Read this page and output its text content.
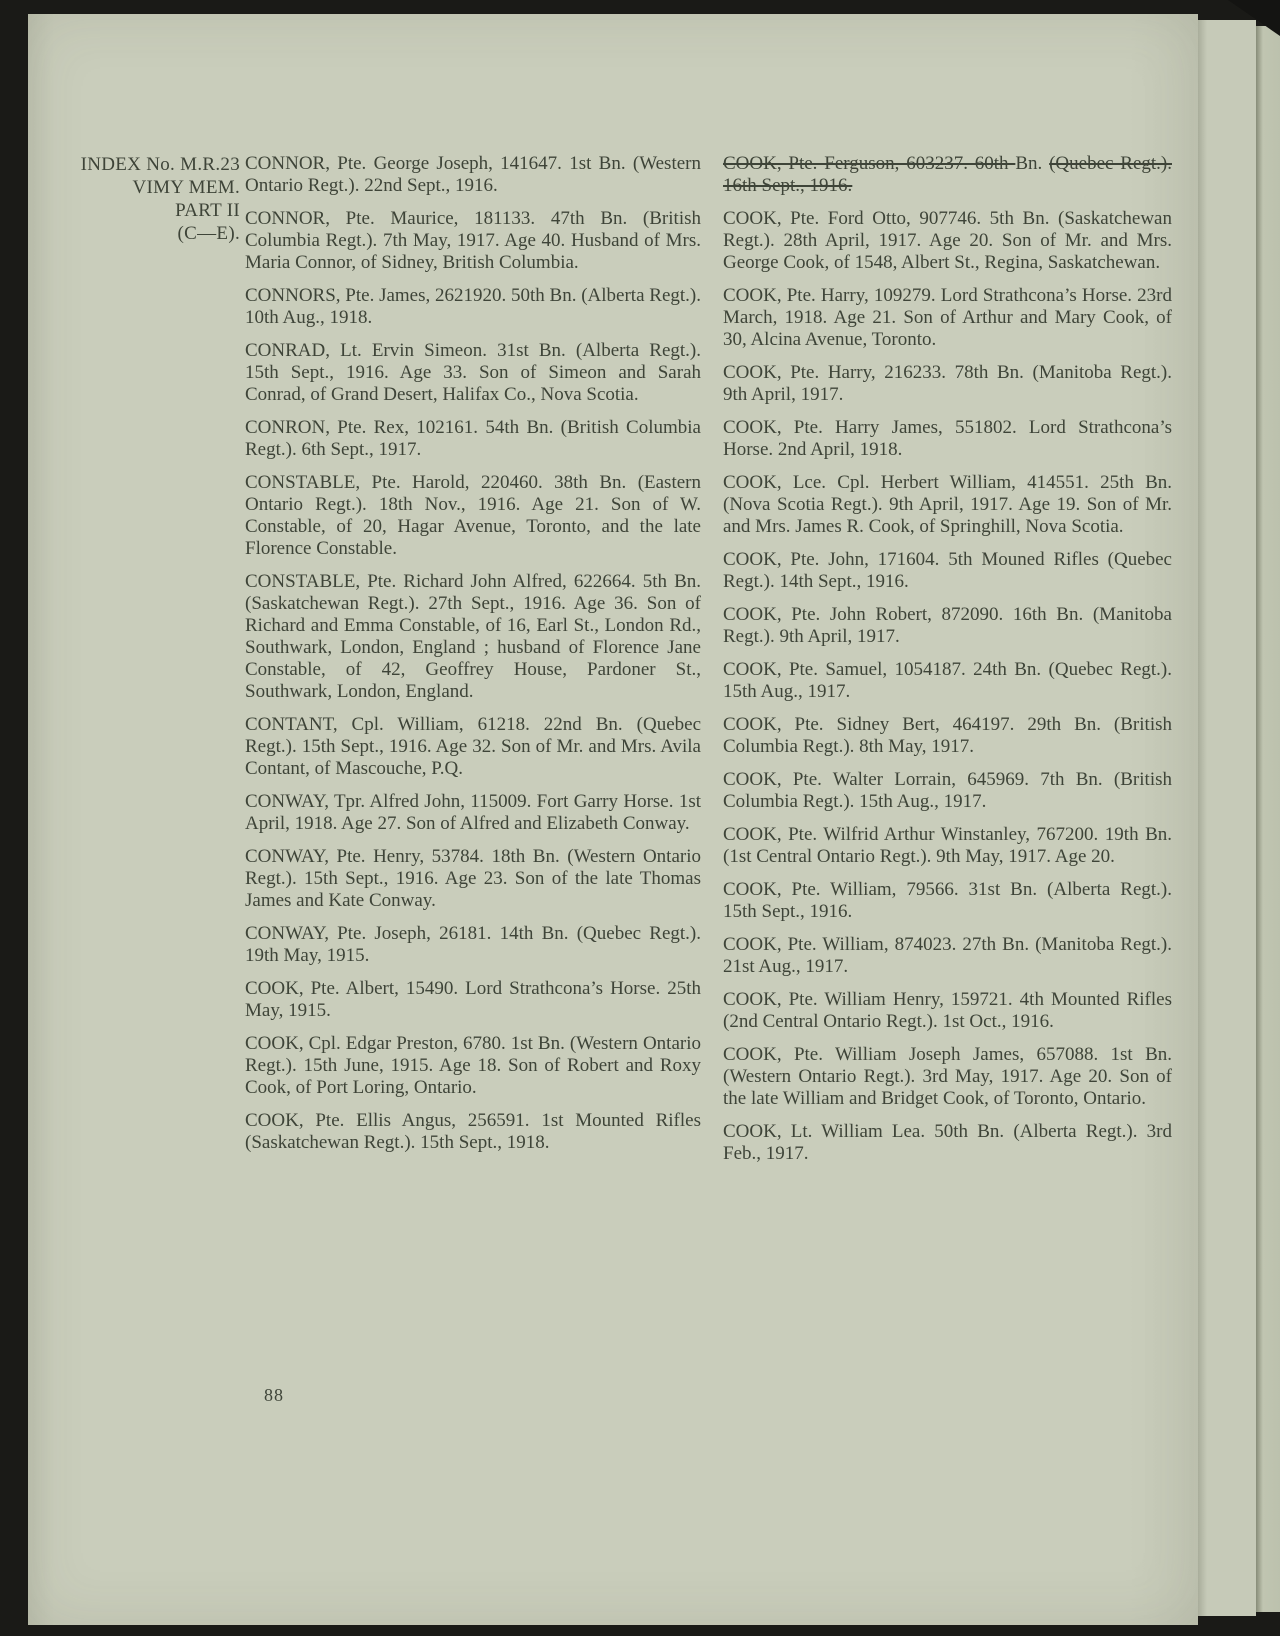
INDEX No. M.R.23
VIMY MEM.
PART II
(C—E).

CONNOR, Pte. George Joseph, 141647. 1st Bn. (Western Ontario Regt.). 22nd Sept., 1916.

CONNOR, Pte. Maurice, 181133. 47th Bn. (British Columbia Regt.). 7th May, 1917. Age 40. Husband of Mrs. Maria Connor, of Sidney, British Columbia.

CONNORS, Pte. James, 2621920. 50th Bn. (Alberta Regt.). 10th Aug., 1918.

CONRAD, Lt. Ervin Simeon. 31st Bn. (Alberta Regt.). 15th Sept., 1916. Age 33. Son of Simeon and Sarah Conrad, of Grand Desert, Halifax Co., Nova Scotia.

CONRON, Pte. Rex, 102161. 54th Bn. (British Columbia Regt.). 6th Sept., 1917.

CONSTABLE, Pte. Harold, 220460. 38th Bn. (Eastern Ontario Regt.). 18th Nov., 1916. Age 21. Son of W. Constable, of 20, Hagar Avenue, Toronto, and the late Florence Constable.

CONSTABLE, Pte. Richard John Alfred, 622664. 5th Bn. (Saskatchewan Regt.). 27th Sept., 1916. Age 36. Son of Richard and Emma Constable, of 16, Earl St., London Rd., Southwark, London, England ; husband of Florence Jane Constable, of 42, Geoffrey House, Pardoner St., Southwark, London, England.

CONTANT, Cpl. William, 61218. 22nd Bn. (Quebec Regt.). 15th Sept., 1916. Age 32. Son of Mr. and Mrs. Avila Contant, of Mascouche, P.Q.

CONWAY, Tpr. Alfred John, 115009. Fort Garry Horse. 1st April, 1918. Age 27. Son of Alfred and Elizabeth Conway.

CONWAY, Pte. Henry, 53784. 18th Bn. (Western Ontario Regt.). 15th Sept., 1916. Age 23. Son of the late Thomas James and Kate Conway.

CONWAY, Pte. Joseph, 26181. 14th Bn. (Quebec Regt.). 19th May, 1915.

COOK, Pte. Albert, 15490. Lord Strathcona’s Horse. 25th May, 1915.

COOK, Cpl. Edgar Preston, 6780. 1st Bn. (Western Ontario Regt.). 15th June, 1915. Age 18. Son of Robert and Roxy Cook, of Port Loring, Ontario.

COOK, Pte. Ellis Angus, 256591. 1st Mounted Rifles (Saskatchewan Regt.). 15th Sept., 1918.

COOK, Pte. Ferguson, 603237. 60th Bn. (Quebec Regt.). 16th Sept., 1916.

COOK, Pte. Ford Otto, 907746. 5th Bn. (Saskatchewan Regt.). 28th April, 1917. Age 20. Son of Mr. and Mrs. George Cook, of 1548, Albert St., Regina, Saskatchewan.

COOK, Pte. Harry, 109279. Lord Strathcona’s Horse. 23rd March, 1918. Age 21. Son of Arthur and Mary Cook, of 30, Alcina Avenue, Toronto.

COOK, Pte. Harry, 216233. 78th Bn. (Manitoba Regt.). 9th April, 1917.

COOK, Pte. Harry James, 551802. Lord Strathcona’s Horse. 2nd April, 1918.

COOK, Lce. Cpl. Herbert William, 414551. 25th Bn. (Nova Scotia Regt.). 9th April, 1917. Age 19. Son of Mr. and Mrs. James R. Cook, of Springhill, Nova Scotia.

COOK, Pte. John, 171604. 5th Mouned Rifles (Quebec Regt.). 14th Sept., 1916.

COOK, Pte. John Robert, 872090. 16th Bn. (Manitoba Regt.). 9th April, 1917.

COOK, Pte. Samuel, 1054187. 24th Bn. (Quebec Regt.). 15th Aug., 1917.

COOK, Pte. Sidney Bert, 464197. 29th Bn. (British Columbia Regt.). 8th May, 1917.

COOK, Pte. Walter Lorrain, 645969. 7th Bn. (British Columbia Regt.). 15th Aug., 1917.

COOK, Pte. Wilfrid Arthur Winstanley, 767200. 19th Bn. (1st Central Ontario Regt.). 9th May, 1917. Age 20.

COOK, Pte. William, 79566. 31st Bn. (Alberta Regt.). 15th Sept., 1916.

COOK, Pte. William, 874023. 27th Bn. (Manitoba Regt.). 21st Aug., 1917.

COOK, Pte. William Henry, 159721. 4th Mounted Rifles (2nd Central Ontario Regt.). 1st Oct., 1916.

COOK, Pte. William Joseph James, 657088. 1st Bn. (Western Ontario Regt.). 3rd May, 1917. Age 20. Son of the late William and Bridget Cook, of Toronto, Ontario.

COOK, Lt. William Lea. 50th Bn. (Alberta Regt.). 3rd Feb., 1917.

88
